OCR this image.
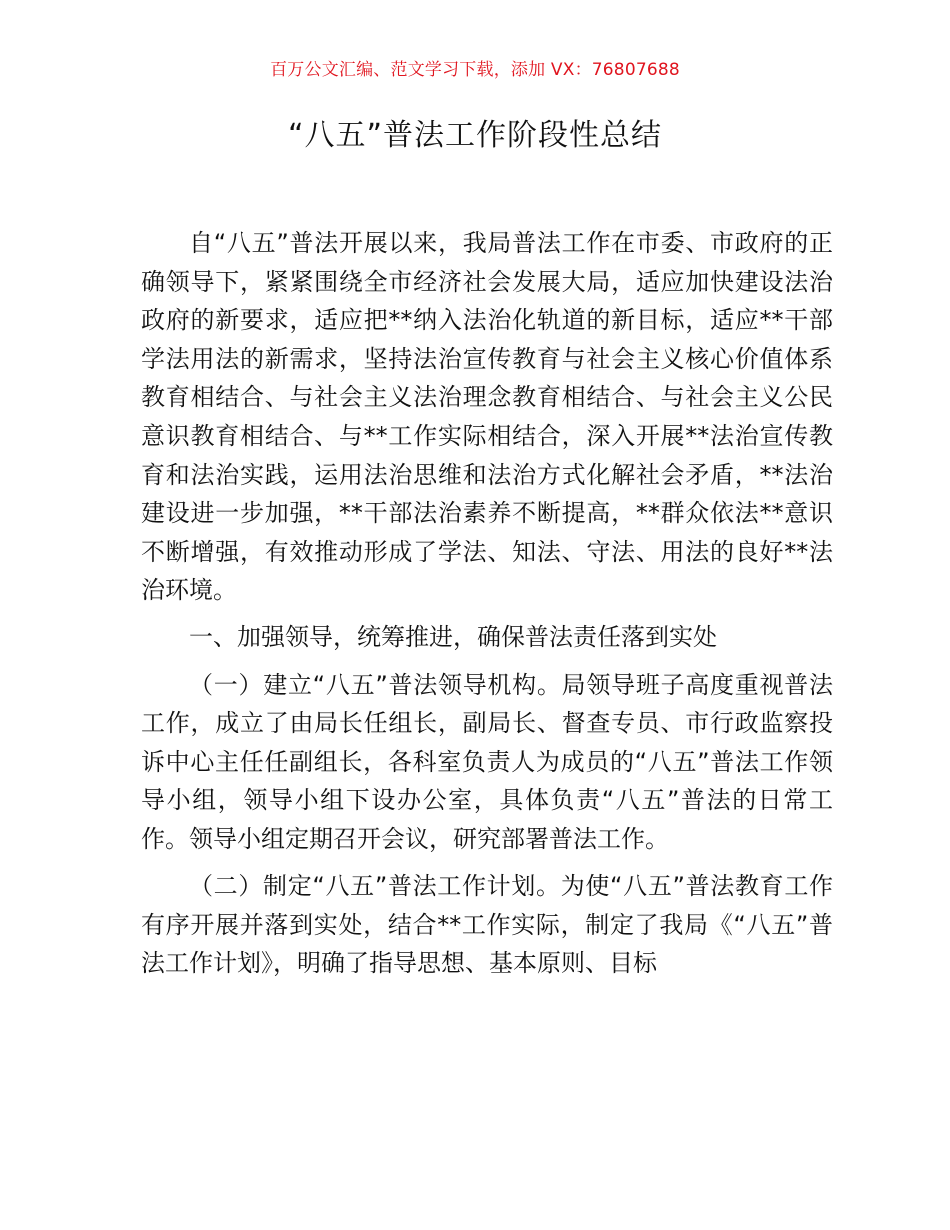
百万公文汇编、范文学习下载，添加 VX：76807688
“八五”普法工作阶段性总结

自“八五”普法开展以来，我局普法工作在市委、市政府的正确领导下，紧紧围绕全市经济社会发展大局，适应加快建设法治政府的新要求，适应把**纳入法治化轨道的新目标，适应**干部学法用法的新需求，坚持法治宣传教育与社会主义核心价值体系教育相结合、与社会主义法治理念教育相结合、与社会主义公民意识教育相结合、与**工作实际相结合，深入开展**法治宣传教育和法治实践，运用法治思维和法治方式化解社会矛盾，**法治建设进一步加强，**干部法治素养不断提高，**群众依法**意识不断增强，有效推动形成了学法、知法、守法、用法的良好**法治环境。

一、加强领导，统筹推进，确保普法责任落到实处

（一）建立“八五”普法领导机构。局领导班子高度重视普法工作，成立了由局长任组长，副局长、督查专员、市行政监察投诉中心主任任副组长，各科室负责人为成员的“八五”普法工作领导小组，领导小组下设办公室，具体负责“八五”普法的日常工作。领导小组定期召开会议，研究部署普法工作。

（二）制定“八五”普法工作计划。为使“八五”普法教育工作有序开展并落到实处，结合**工作实际，制定了我局《“八五”普法工作计划》，明确了指导思想、基本原则、目标
